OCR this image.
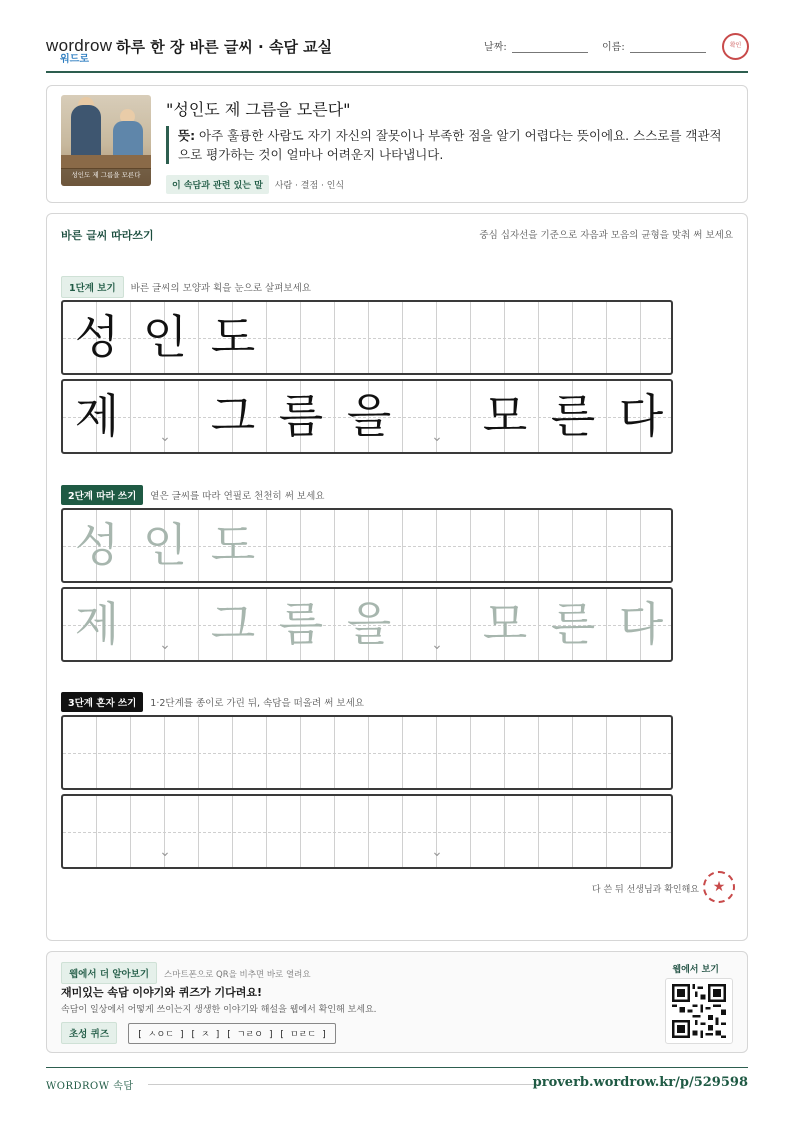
wordrow
워드로
하루 한 장 바른 글씨 · 속담 교실	날짜:	이름:	확인
성인도 제 그름을 모른다
"성인도 제 그름을 모른다"
뜻: 아주 훌륭한 사람도 자기 자신의 잘못이나 부족한 점을 알기 어렵다는 뜻이에요. 스스로를 객관적으로 평가하는 것이 얼마나 어려운지 나타냅니다.
이 속담과 관련 있는 말 사람 · 결점 · 인식
바른 글씨 따라쓰기	중심 십자선을 기준으로 자음과 모음의 균형을 맞춰 써 보세요
1단계 보기 바른 글씨의 모양과 획을 눈으로 살펴보세요
성 인 도
제	⌄ 그 름 을	⌄ 모 른 다
2단계 따라 쓰기 옅은 글씨를 따라 연필로 천천히 써 보세요
성 인 도
제	⌄ 그 름 을	⌄ 모 른 다
3단계 혼자 쓰기 1·2단계를 종이로 가린 뒤, 속담을 떠올려 써 보세요
⌄	⌄
다 쓴 뒤 선생님과 확인해요 ★
웹에서 더 알아보기 스마트폰으로 QR을 비추면 바로 열려요
재미있는 속담 이야기와 퀴즈가 기다려요!
속담이 일상에서 어떻게 쓰이는지 생생한 이야기와 해설을 웹에서 확인해 보세요.
초성 퀴즈	[ ㅅㅇㄷ ] [ ㅈ ] [ ㄱㄹㅇ ] [ ㅁㄹㄷ ]
웹에서 보기
WORDROW 속담	proverb.wordrow.kr/p/529598
